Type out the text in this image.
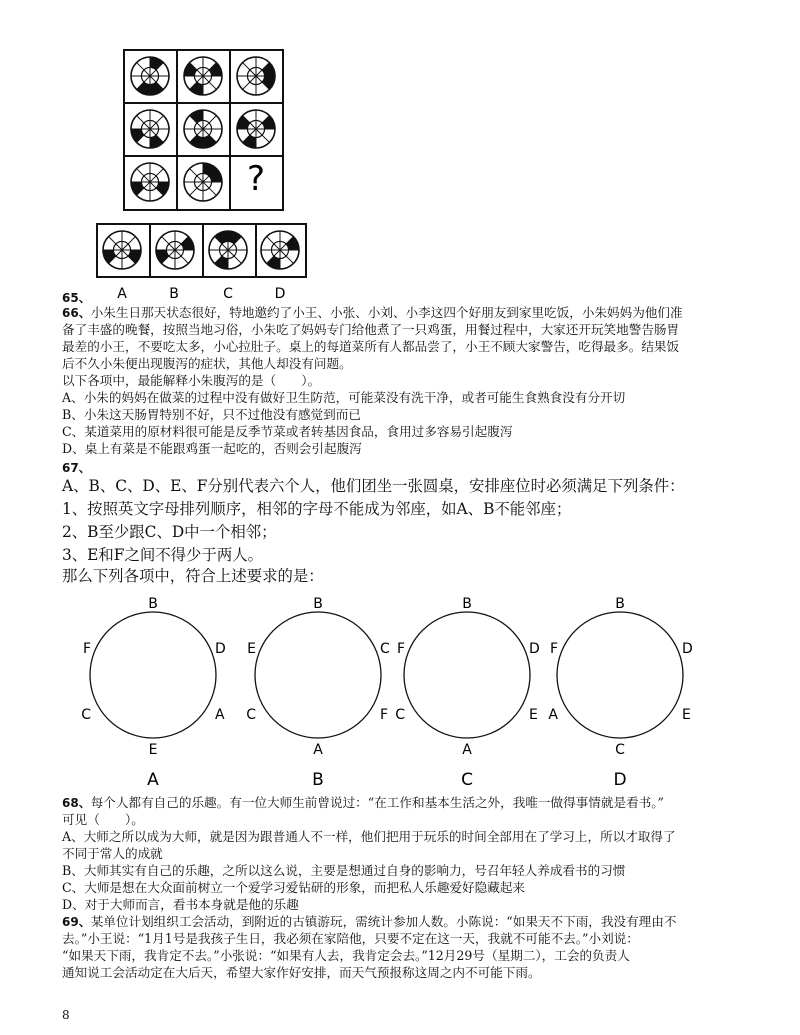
?
A	B	C	D
65、
66、小朱生日那天状态很好，特地邀约了小王、小张、小刘、小李这四个好朋友到家里吃饭，小朱妈妈为他们准
备了丰盛的晚餐，按照当地习俗，小朱吃了妈妈专门给他煮了一只鸡蛋，用餐过程中，大家还开玩笑地警告肠胃
最差的小王，不要吃太多，小心拉肚子。桌上的每道菜所有人都品尝了，小王不顾大家警告，吃得最多。结果饭
后不久小朱便出现腹泻的症状，其他人却没有问题。
以下各项中，最能解释小朱腹泻的是（　　）。
A、小朱的妈妈在做菜的过程中没有做好卫生防范，可能菜没有洗干净，或者可能生食熟食没有分开切
B、小朱这天肠胃特别不好，只不过他没有感觉到而已
C、某道菜用的原材料很可能是反季节菜或者转基因食品，食用过多容易引起腹泻
D、桌上有菜是不能跟鸡蛋一起吃的，否则会引起腹泻
67、
A、B、C、D、E、F分别代表六个人，他们团坐一张圆桌，安排座位时必须满足下列条件：
1、按照英文字母排列顺序，相邻的字母不能成为邻座，如A、B不能邻座；
2、B至少跟C、D中一个相邻；
3、E和F之间不得少于两人。
那么下列各项中，符合上述要求的是：
B
F	D
C	A
E
A
B
E	C
C	F
A
B
B
F	D
C	E
A
C
B
F	D
A	E
C
D
68、每个人都有自己的乐趣。有一位大师生前曾说过：“在工作和基本生活之外，我唯一做得事情就是看书。”
可见（　　）。
A、大师之所以成为大师，就是因为跟普通人不一样，他们把用于玩乐的时间全部用在了学习上，所以才取得了
不同于常人的成就
B、大师其实有自己的乐趣，之所以这么说，主要是想通过自身的影响力，号召年轻人养成看书的习惯
C、大师是想在大众面前树立一个爱学习爱钻研的形象，而把私人乐趣爱好隐藏起来
D、对于大师而言，看书本身就是他的乐趣
69、某单位计划组织工会活动，到附近的古镇游玩，需统计参加人数。小陈说：“如果天不下雨，我没有理由不
去。”小王说：“1月1号是我孩子生日，我必须在家陪他，只要不定在这一天，我就不可能不去。”小刘说：
“如果天下雨，我肯定不去。”小张说：“如果有人去，我肯定会去。”12月29号（星期二），工会的负责人
通知说工会活动定在大后天，希望大家作好安排，而天气预报称这周之内不可能下雨。
8
